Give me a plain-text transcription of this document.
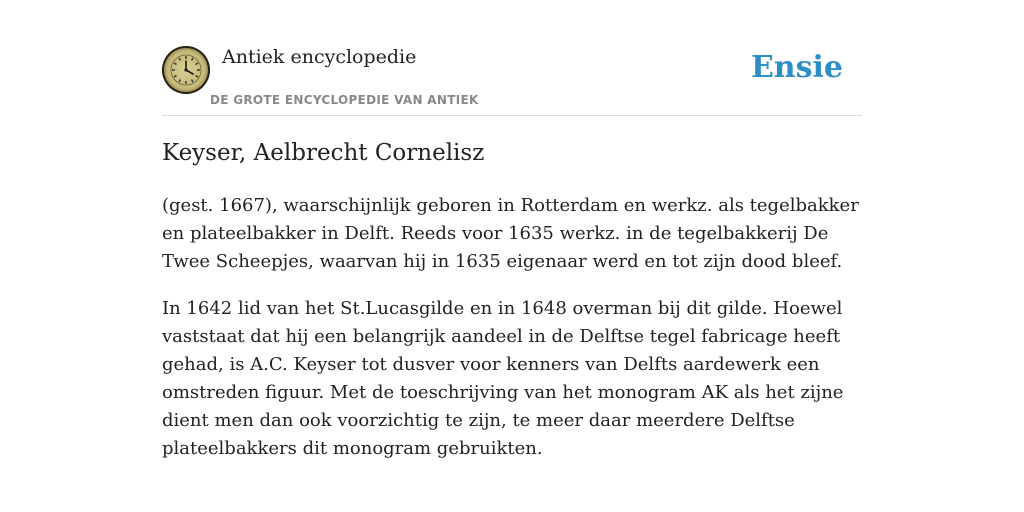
Antiek encyclopedie
DE GROTE ENCYCLOPEDIE VAN ANTIEK
Ensie
Keyser, Aelbrecht Cornelisz

(gest. 1667), waarschijnlijk geboren in Rotterdam en werkz. als tegelbakker en plateelbakker in Delft. Reeds voor 1635 werkz. in de tegelbakkerij De Twee Scheepjes, waarvan hij in 1635 eigenaar werd en tot zijn dood bleef.

In 1642 lid van het St.Lucasgilde en in 1648 overman bij dit gilde. Hoewel vaststaat dat hij een belangrijk aandeel in de Delftse tegel fabricage heeft gehad, is A.C. Keyser tot dusver voor kenners van Delfts aardewerk een omstreden figuur. Met de toeschrijving van het monogram AK als het zijne dient men dan ook voorzichtig te zijn, te meer daar meerdere Delftse plateelbakkers dit monogram gebruikten.
